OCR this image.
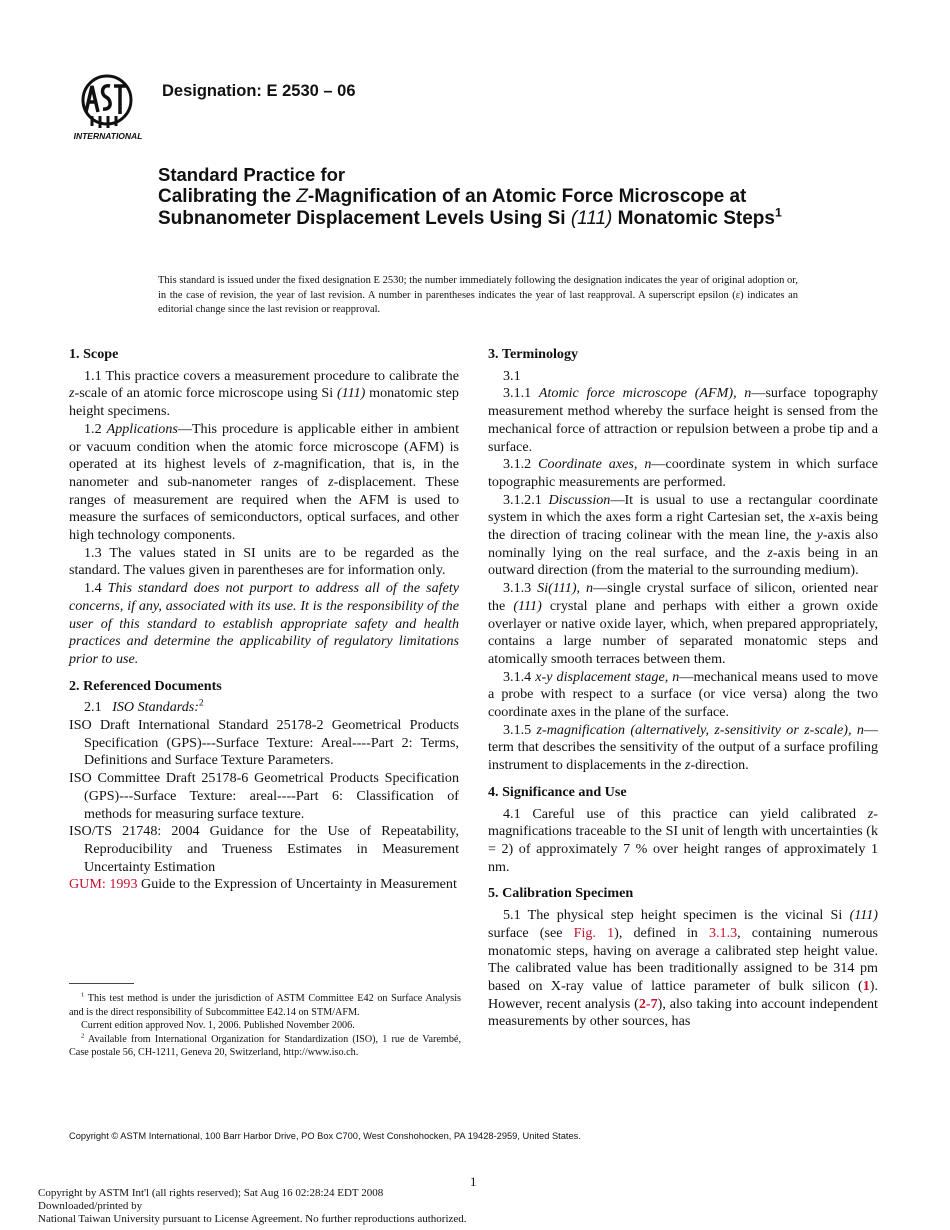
INTERNATIONAL
Designation: E 2530 – 06
Standard Practice for
Calibrating the Z-Magnification of an Atomic Force Microscope at Subnanometer Displacement Levels Using Si (111) Monatomic Steps$^1$
This standard is issued under the fixed designation E 2530; the number immediately following the designation indicates the year of original adoption or, in the case of revision, the year of last revision. A number in parentheses indicates the year of last reapproval. A superscript epsilon (ε) indicates an editorial change since the last revision or reapproval.

1. Scope

1.1 This practice covers a measurement procedure to calibrate the z-scale of an atomic force microscope using Si (111) monatomic step height specimens.

1.2 Applications—This procedure is applicable either in ambient or vacuum condition when the atomic force microscope (AFM) is operated at its highest levels of z-magnification, that is, in the nanometer and sub-nanometer ranges of z-displacement. These ranges of measurement are required when the AFM is used to measure the surfaces of semiconductors, optical surfaces, and other high technology components.

1.3 The values stated in SI units are to be regarded as the standard. The values given in parentheses are for information only.

1.4 This standard does not purport to address all of the safety concerns, if any, associated with its use. It is the responsibility of the user of this standard to establish appropriate safety and health practices and determine the applicability of regulatory limitations prior to use.

2. Referenced Documents

2.1   ISO Standards:$^2$

ISO Draft International Standard 25178-2 Geometrical Products Specification (GPS)---Surface Texture: Areal----Part 2: Terms, Definitions and Surface Texture Parameters.

ISO Committee Draft 25178-6 Geometrical Products Specification (GPS)---Surface Texture: areal----Part 6: Classification of methods for measuring surface texture.

ISO/TS 21748: 2004 Guidance for the Use of Repeatability, Reproducibility and Trueness Estimates in Measurement Uncertainty Estimation

GUM: 1993 Guide to the Expression of Uncertainty in Measurement

$^1$ This test method is under the jurisdiction of ASTM Committee E42 on Surface Analysis and is the direct responsibility of Subcommittee E42.14 on STM/AFM.

Current edition approved Nov. 1, 2006. Published November 2006.

$^2$ Available from International Organization for Standardization (ISO), 1 rue de Varembé, Case postale 56, CH-1211, Geneva 20, Switzerland, http://www.iso.ch.

3. Terminology

3.1

3.1.1 Atomic force microscope (AFM), n—surface topography measurement method whereby the surface height is sensed from the mechanical force of attraction or repulsion between a probe tip and a surface.

3.1.2 Coordinate axes, n—coordinate system in which surface topographic measurements are performed.

3.1.2.1 Discussion—It is usual to use a rectangular coordinate system in which the axes form a right Cartesian set, the x-axis being the direction of tracing colinear with the mean line, the y-axis also nominally lying on the real surface, and the z-axis being in an outward direction (from the material to the surrounding medium).

3.1.3 Si(111), n—single crystal surface of silicon, oriented near the (111) crystal plane and perhaps with either a grown oxide overlayer or native oxide layer, which, when prepared appropriately, contains a large number of separated monatomic steps and atomically smooth terraces between them.

3.1.4 x-y displacement stage, n—mechanical means used to move a probe with respect to a surface (or vice versa) along the two coordinate axes in the plane of the surface.

3.1.5 z-magnification (alternatively, z-sensitivity or z-scale), n—term that describes the sensitivity of the output of a surface profiling instrument to displacements in the z-direction.

4. Significance and Use

4.1 Careful use of this practice can yield calibrated z-magnifications traceable to the SI unit of length with uncertainties (k = 2) of approximately 7 % over height ranges of approximately 1 nm.

5. Calibration Specimen

5.1 The physical step height specimen is the vicinal Si (111) surface (see Fig. 1), defined in 3.1.3, containing numerous monatomic steps, having on average a calibrated step height value. The calibrated value has been traditionally assigned to be 314 pm based on X-ray value of lattice parameter of bulk silicon (1). However, recent analysis (2-7), also taking into account independent measurements by other sources, has

Copyright © ASTM International, 100 Barr Harbor Drive, PO Box C700, West Conshohocken, PA 19428-2959, United States.
1
Copyright by ASTM Int'l (all rights reserved); Sat Aug 16 02:28:24 EDT 2008
Downloaded/printed by
National Taiwan University pursuant to License Agreement. No further reproductions authorized.
